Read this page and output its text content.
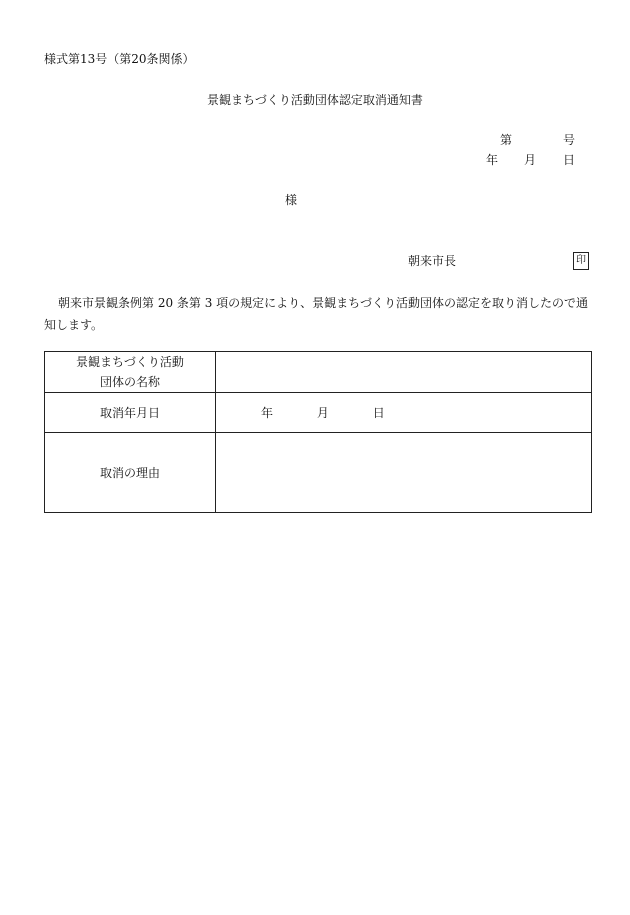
様式第13号（第20条関係）
景観まちづくり活動団体認定取消通知書
第	号
年 月 日
様
朝来市長	印
朝来市景観条例第 20 条第 3 項の規定により、景観まちづくり活動団体の認定を取り消したので通知します。
景観まちづくり活動
団体の名称	

取消年月日	年 月 日
取消の理由	
